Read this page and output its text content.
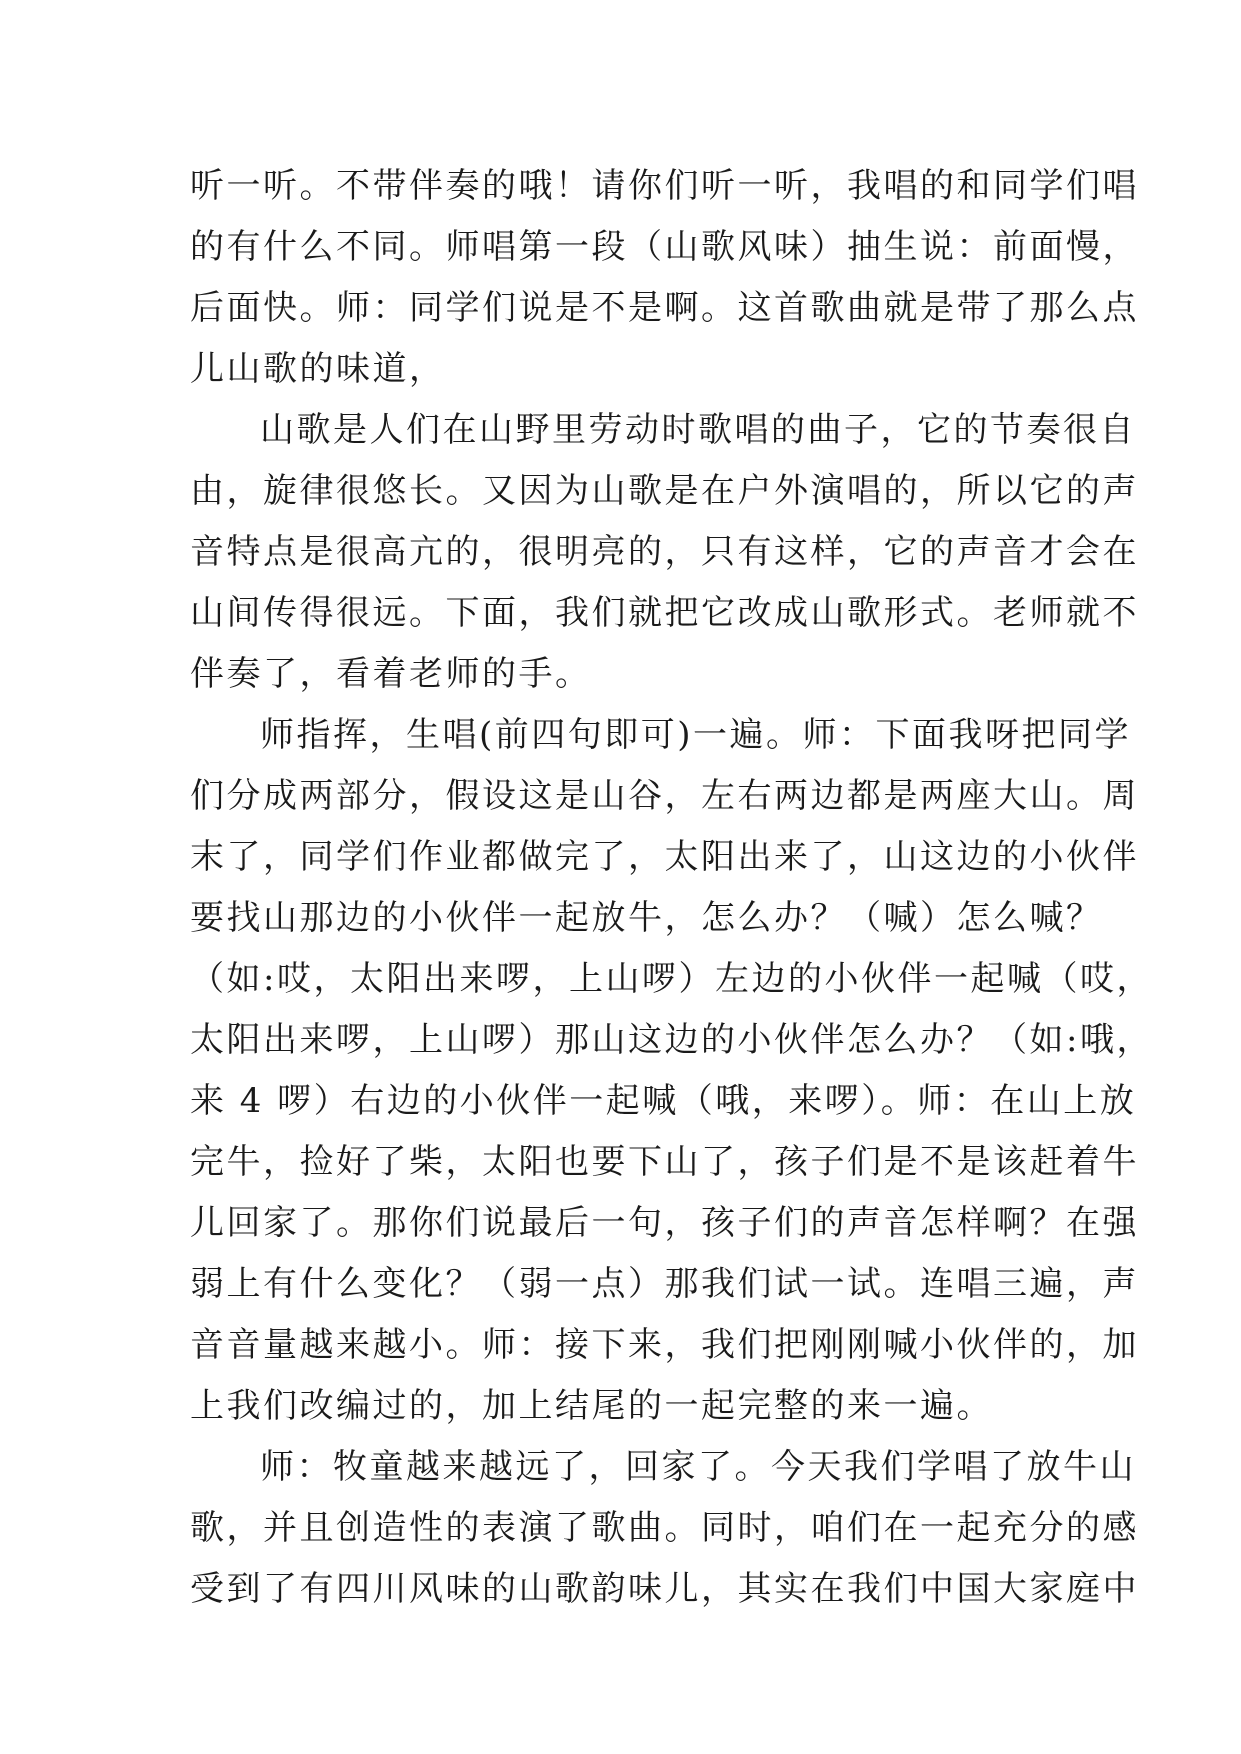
听一听。不带伴奏的哦！请你们听一听，我唱的和同学们唱
的有什么不同。师唱第一段（山歌风味）抽生说：前面慢，
后面快。师：同学们说是不是啊。这首歌曲就是带了那么点
儿山歌的味道，
山歌是人们在山野里劳动时歌唱的曲子，它的节奏很自
由，旋律很悠长。又因为山歌是在户外演唱的，所以它的声
音特点是很高亢的，很明亮的，只有这样，它的声音才会在
山间传得很远。下面，我们就把它改成山歌形式。老师就不
伴奏了，看着老师的手。
师指挥，生唱(前四句即可)一遍。师：下面我呀把同学
们分成两部分，假设这是山谷，左右两边都是两座大山。周
末了，同学们作业都做完了，太阳出来了，山这边的小伙伴
要找山那边的小伙伴一起放牛，怎么办？（喊）怎么喊？
（如:哎，太阳出来啰，上山啰）左边的小伙伴一起喊（哎，
太阳出来啰，上山啰）那山这边的小伙伴怎么办？（如:哦，
来 4 啰）右边的小伙伴一起喊（哦，来啰）。师：在山上放
完牛，捡好了柴，太阳也要下山了，孩子们是不是该赶着牛
儿回家了。那你们说最后一句，孩子们的声音怎样啊？在强
弱上有什么变化？（弱一点）那我们试一试。连唱三遍，声
音音量越来越小。师：接下来，我们把刚刚喊小伙伴的，加
上我们改编过的，加上结尾的一起完整的来一遍。
师：牧童越来越远了，回家了。今天我们学唱了放牛山
歌，并且创造性的表演了歌曲。同时，咱们在一起充分的感
受到了有四川风味的山歌韵味儿，其实在我们中国大家庭中
